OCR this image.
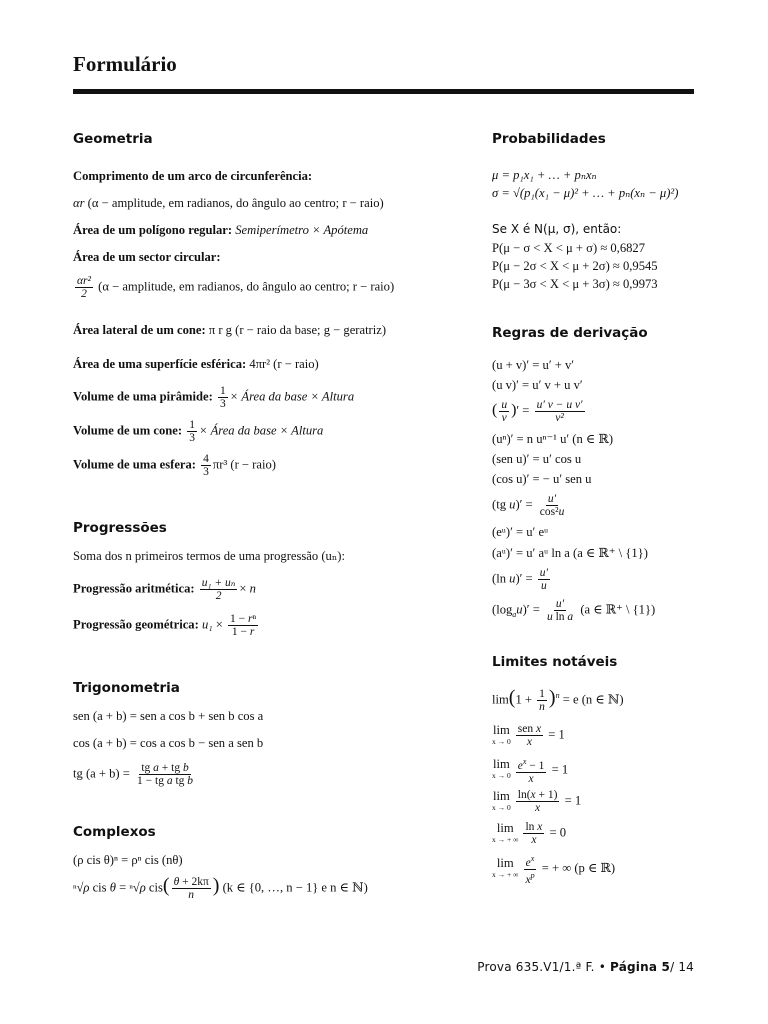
Formulário
Geometria
Comprimento de um arco de circunferência:
αr (α − amplitude, em radianos, do ângulo ao centro; r − raio)
Área de um polígono regular: Semiperímetro × Apótema
Área de um sector circular:
$\frac{\text{αr²}}{2} (\alpha$ − amplitude, em radianos, do ângulo ao centro; r − raio)
Área lateral de um cone: π r g (r − raio da base; g − geratriz)
Área de uma superfície esférica: 4πr² (r − raio)
Volume de uma pirâmide: $\frac{1}{3}$ × Área da base × Altura
Volume de um cone: $\frac{1}{3}$ × Área da base × Altura
Volume de uma esfera: $\frac{4}{3} \pi r^3$ (r − raio)
Progressões
Soma dos n primeiros termos de uma progressão (uₙ):
Progressão aritmética: $\frac{\text{u₁ + uₙ}}{2} \times n$
Progressão geométrica: $u_1 \times \frac{\text{1 − rⁿ}}{1 - r}$
Trigonometria
sen (a + b) = sen a cos b + sen b cos a
cos (a + b) = cos a cos b − sen a sen b
tg $(a + b) = \frac{\text{tg a + tg b}}{\text{1 − tg a tg b}}$
Complexos
(ρ cis θ)ⁿ = ρⁿ cis (nθ)
ⁿ√ρ cis θ = ⁿ√ρ $cis( \frac{\theta + 2k\pi}{n}$ ) (k ∈ {0, …, n − 1} e n ∈ ℕ)
Probabilidades
μ = p₁x₁ + … + pₙxₙ
σ = √(p₁(x₁ − μ)² + … + pₙ(xₙ − μ)²)
Se X é N(μ, σ), então:
P(μ − σ < X < μ + σ) ≈ 0,6827
P(μ − 2σ < X < μ + 2σ) ≈ 0,9545
P(μ − 3σ < X < μ + 3σ) ≈ 0,9973
Regras de derivação
(u + v)′ = u′ + v′
(u v)′ = u′ v + u v′
( $\frac{u}{v}$ )′ = $\frac{\text{u′ v − u v′}}{\text{v²}}$
(uⁿ)′ = n uⁿ⁻¹ u′ (n ∈ ℝ)
(sen u)′ = u′ cos u
(cos u)′ = − u′ sen u
(tg $u)' = \frac{u'}{\text{cos²u}}$
(eᵘ)′ = u′ eᵘ
(aᵘ)′ = u′ aᵘ ln a (a ∈ ℝ⁺ \ {1})
(ln $u)' = \frac{u'}{u}$
$(\log_au)' = \frac{u'}{\text{u ln a}} (a$ ∈ ℝ⁺ \ {1})
Limites notáveis
$\lim(1 + \frac{1}{n} )^n = e$ (n ∈ ℕ)
lim
$x \to 0 \frac{\text{sen x}}{x} = 1$
lim
$x \to 0 \frac{e^x - 1}{x} = 1$
lim
$x \to 0 \frac{\ln(x + 1)}{x} = 1$
lim
x → + ∞ $\frac{\text{ln x}}{x} = 0$
lim
x → + ∞ $\frac{e^x}{x^p}$ = + ∞ (p ∈ ℝ)
Prova 635.V1/1.ª F. • Página 5/ 14
